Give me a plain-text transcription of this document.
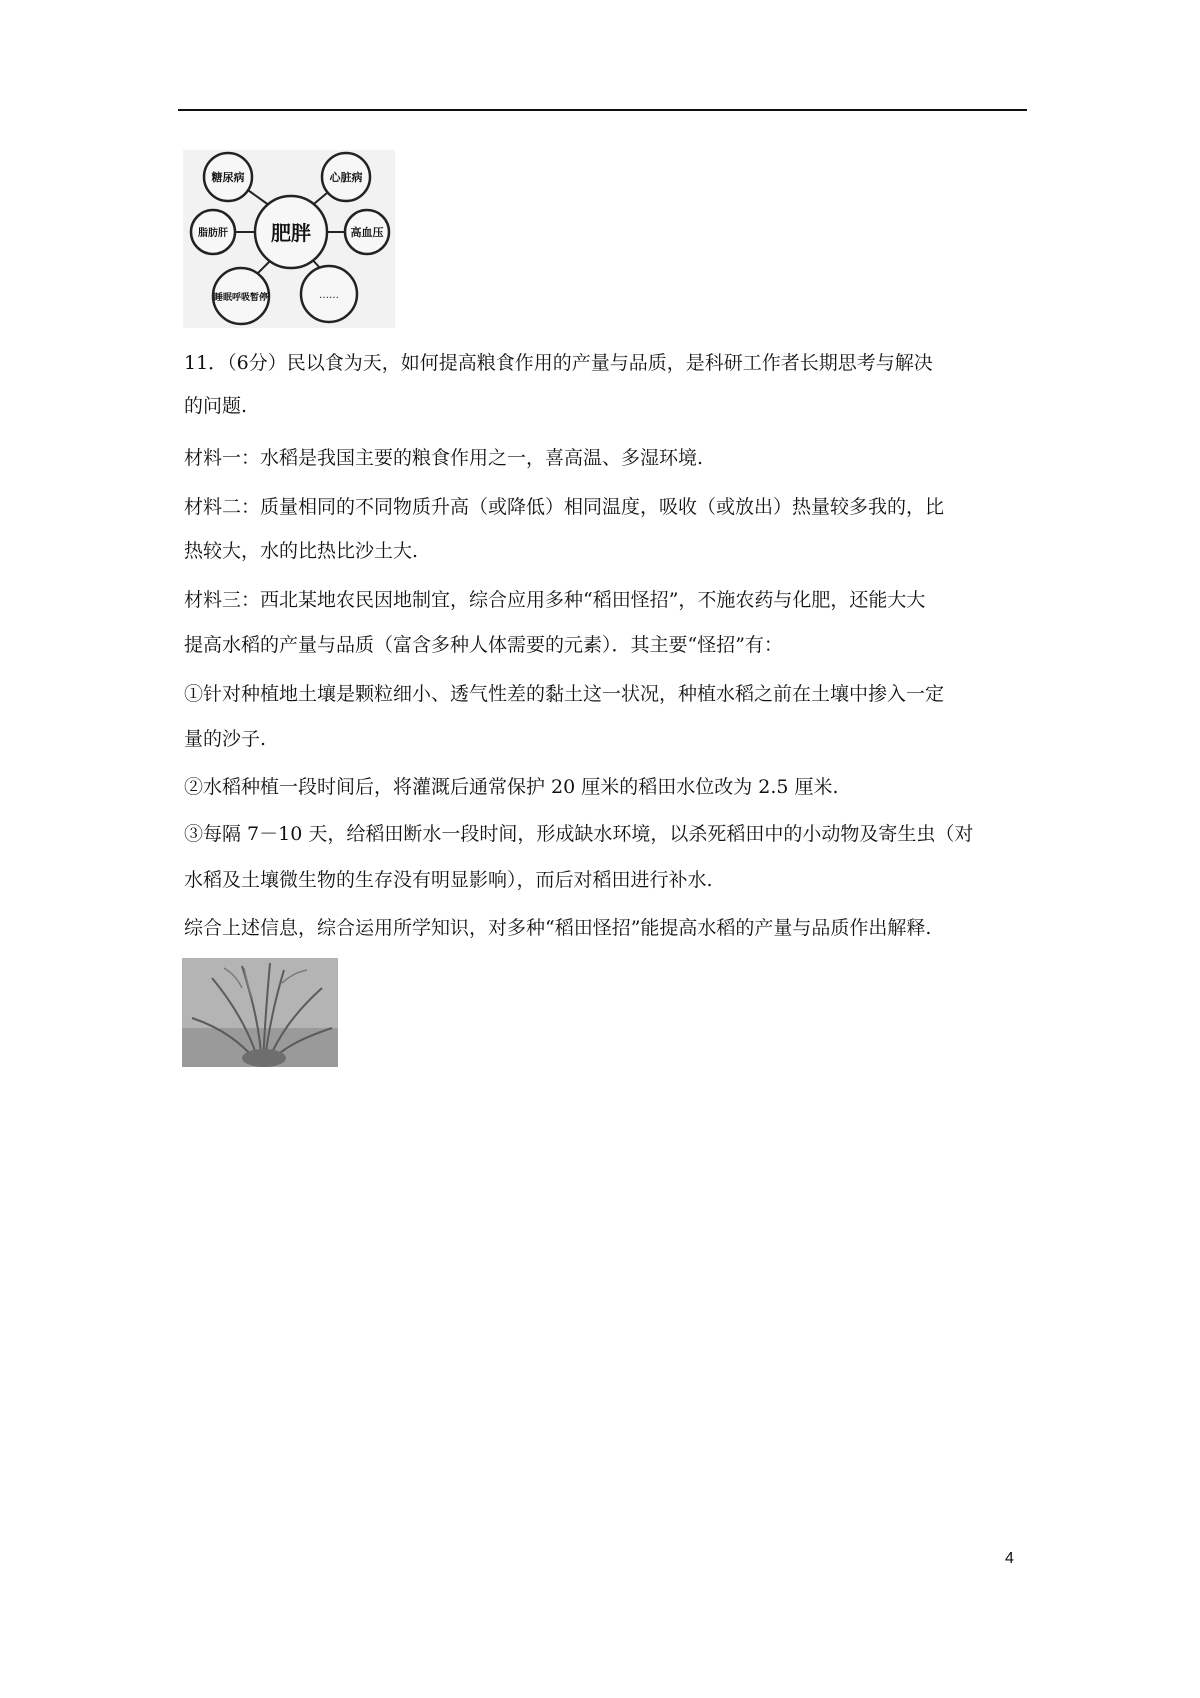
肥胖
糖尿病	心脏病
高血压
……
睡眠呼吸暂停
脂肪肝
11．（6分）民以食为天，如何提高粮食作用的产量与品质，是科研工作者长期思考与解决
的问题.
材料一：水稻是我国主要的粮食作用之一，喜高温、多湿环境.
材料二：质量相同的不同物质升高（或降低）相同温度，吸收（或放出）热量较多我的，比
热较大，水的比热比沙土大.
材料三：西北某地农民因地制宜，综合应用多种“稻田怪招”，不施农药与化肥，还能大大
提高水稻的产量与品质（富含多种人体需要的元素）．其主要“怪招”有：
①针对种植地土壤是颗粒细小、透气性差的黏土这一状况，种植水稻之前在土壤中掺入一定
量的沙子.
②水稻种植一段时间后，将灌溉后通常保护 20 厘米的稻田水位改为 2.5 厘米.
③每隔 7－10 天，给稻田断水一段时间，形成缺水环境，以杀死稻田中的小动物及寄生虫（对
水稻及土壤微生物的生存没有明显影响），而后对稻田进行补水.
综合上述信息，综合运用所学知识，对多种“稻田怪招”能提高水稻的产量与品质作出解释.
4
